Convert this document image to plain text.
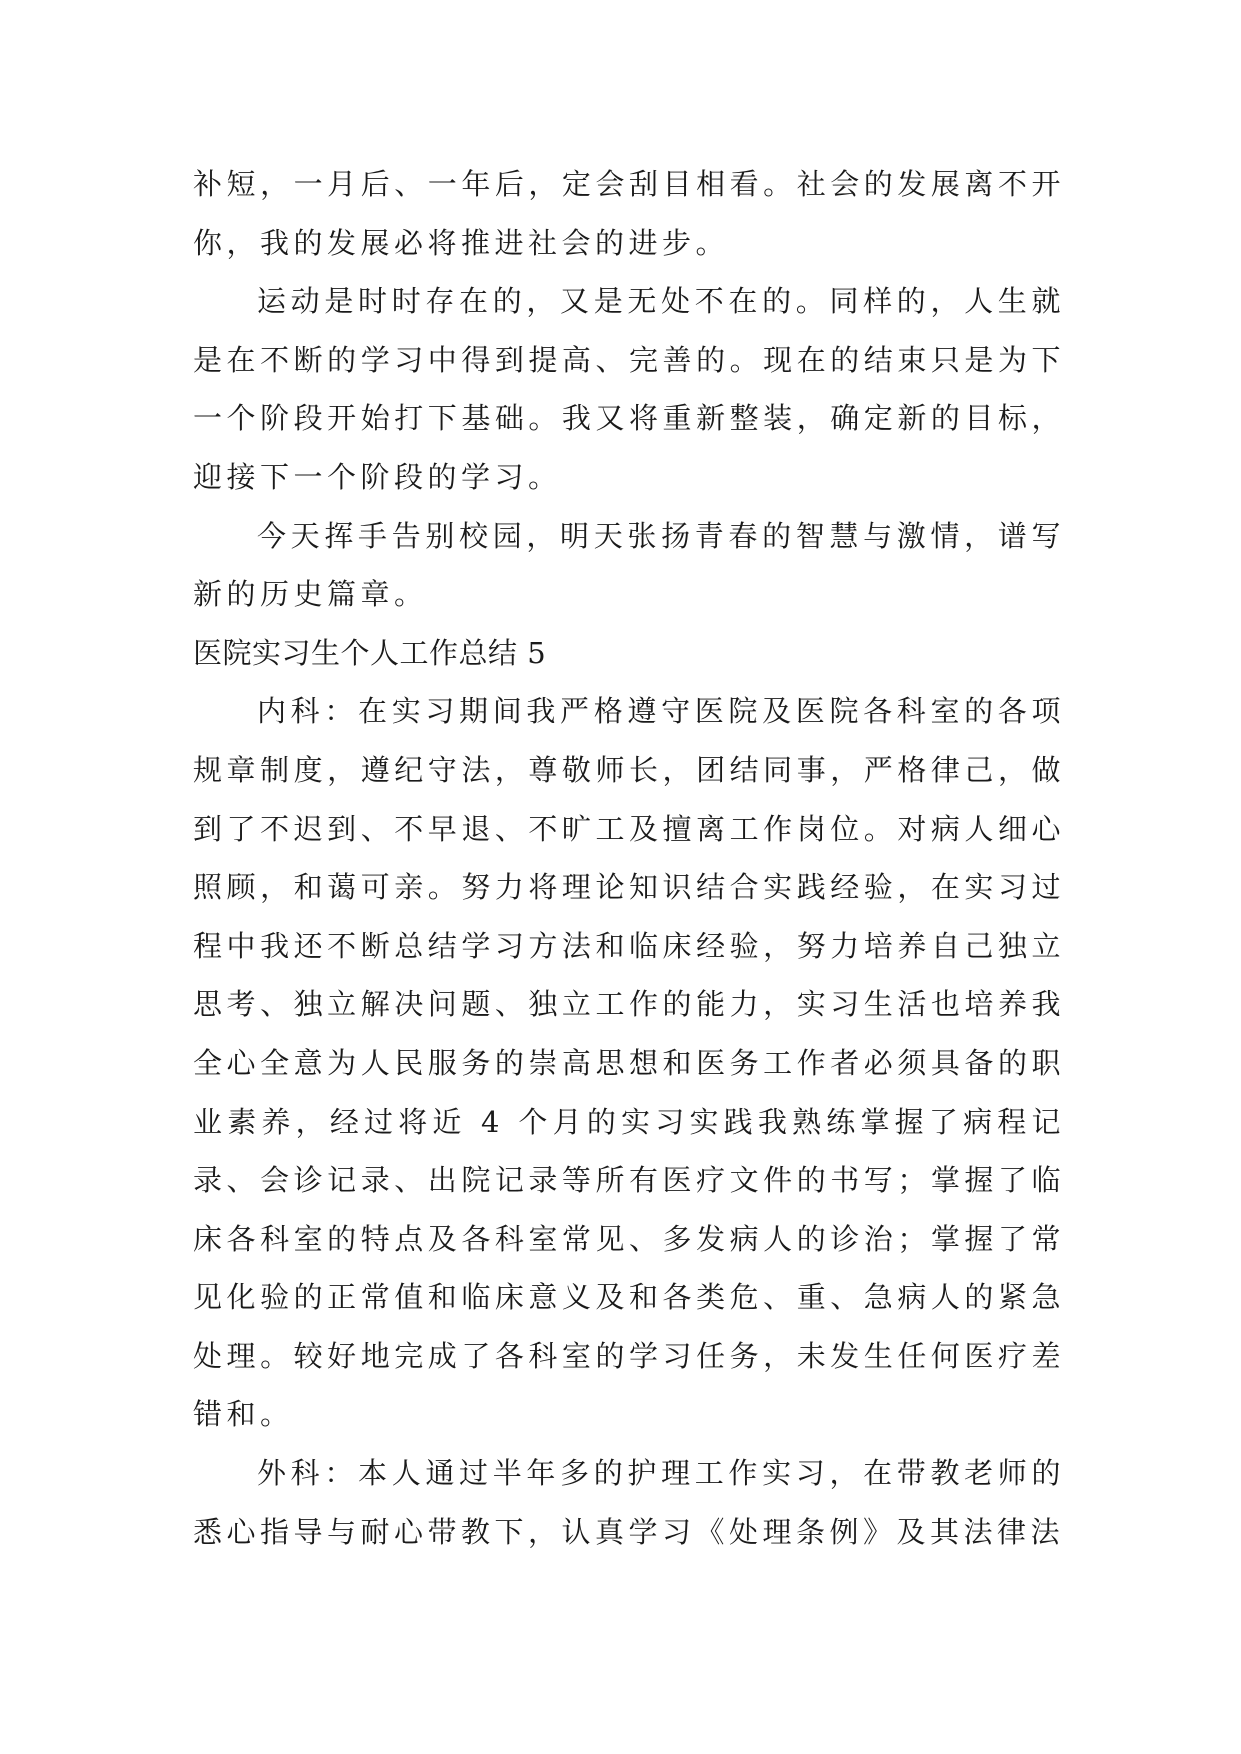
补短，一月后、一年后，定会刮目相看。社会的发展离不开你，我的发展必将推进社会的进步。

运动是时时存在的，又是无处不在的。同样的，人生就是在不断的学习中得到提高、完善的。现在的结束只是为下一个阶段开始打下基础。我又将重新整装，确定新的目标，迎接下一个阶段的学习。

今天挥手告别校园，明天张扬青春的智慧与激情，谱写新的历史篇章。

医院实习生个人工作总结 5

内科：在实习期间我严格遵守医院及医院各科室的各项规章制度，遵纪守法，尊敬师长，团结同事，严格律己，做到了不迟到、不早退、不旷工及擅离工作岗位。对病人细心照顾，和蔼可亲。努力将理论知识结合实践经验，在实习过程中我还不断总结学习方法和临床经验，努力培养自己独立思考、独立解决问题、独立工作的能力，实习生活也培养我全心全意为人民服务的崇高思想和医务工作者必须具备的职业素养，经过将近 4 个月的实习实践我熟练掌握了病程记录、会诊记录、出院记录等所有医疗文件的书写；掌握了临床各科室的特点及各科室常见、多发病人的诊治；掌握了常见化验的正常值和临床意义及和各类危、重、急病人的紧急处理。较好地完成了各科室的学习任务，未发生任何医疗差错和。

外科：本人通过半年多的护理工作实习，在带教老师的悉心指导与耐心带教下，认真学习《处理条例》及其法律法
